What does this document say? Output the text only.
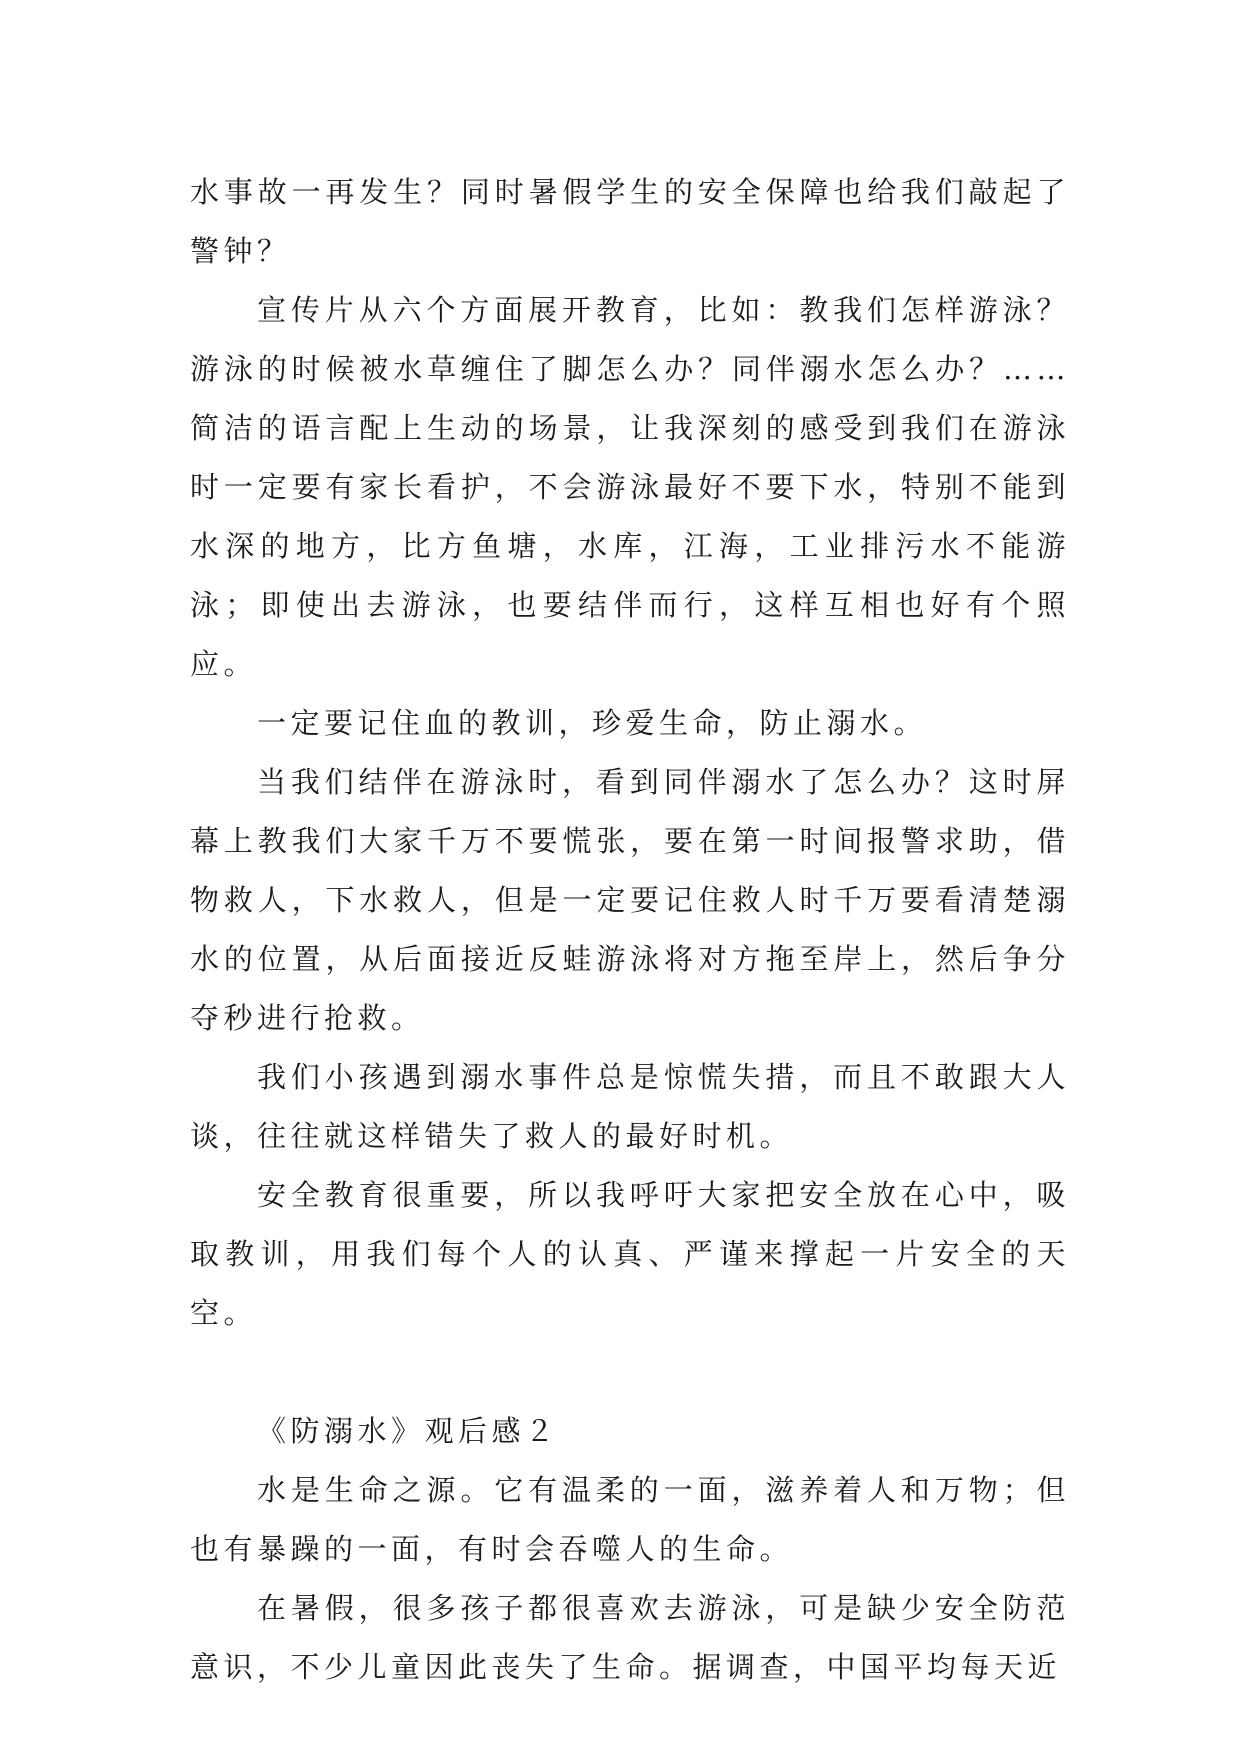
水事故一再发生？同时暑假学生的安全保障也给我们敲起了警钟？

宣传片从六个方面展开教育，比如：教我们怎样游泳？游泳的时候被水草缠住了脚怎么办？同伴溺水怎么办？……简洁的语言配上生动的场景，让我深刻的感受到我们在游泳时一定要有家长看护，不会游泳最好不要下水，特别不能到水深的地方，比方鱼塘，水库，江海，工业排污水不能游泳；即使出去游泳，也要结伴而行，这样互相也好有个照应。

一定要记住血的教训，珍爱生命，防止溺水。

当我们结伴在游泳时，看到同伴溺水了怎么办？这时屏幕上教我们大家千万不要慌张，要在第一时间报警求助，借物救人，下水救人，但是一定要记住救人时千万要看清楚溺水的位置，从后面接近反蛙游泳将对方拖至岸上，然后争分夺秒进行抢救。

我们小孩遇到溺水事件总是惊慌失措，而且不敢跟大人谈，往往就这样错失了救人的最好时机。

安全教育很重要，所以我呼吁大家把安全放在心中，吸取教训，用我们每个人的认真、严谨来撑起一片安全的天空。

《防溺水》观后感２

水是生命之源。它有温柔的一面，滋养着人和万物；但也有暴躁的一面，有时会吞噬人的生命。

在暑假，很多孩子都很喜欢去游泳，可是缺少安全防范意识，不少儿童因此丧失了生命。据调查，中国平均每天近
